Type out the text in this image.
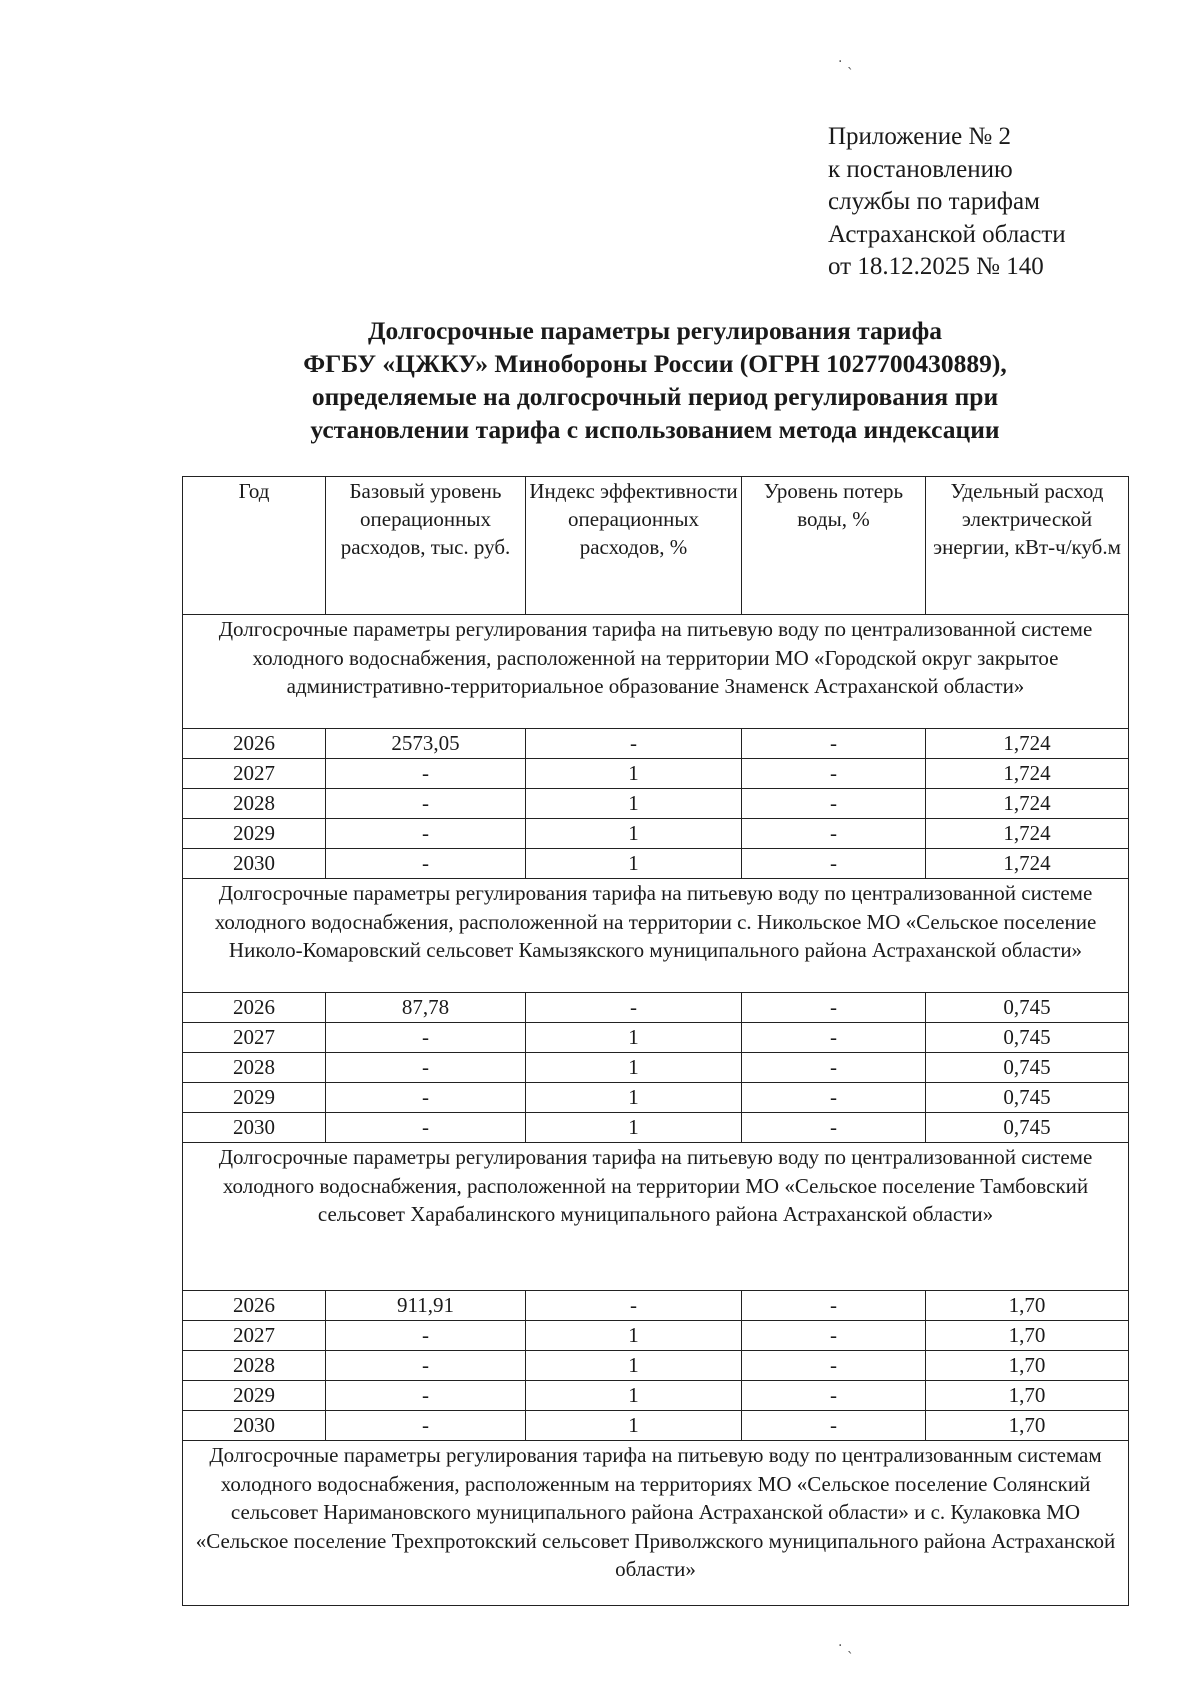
Приложение № 2
к постановлению
службы по тарифам
Астраханской области
от 18.12.2025 № 140
Долгосрочные параметры регулирования тарифа
ФГБУ «ЦЖКУ» Минобороны России (ОГРН 1027700430889),
определяемые на долгосрочный период регулирования при
установлении тарифа с использованием метода индексации
Год	Базовый уровень операционных расходов, тыс. руб.	Индекс эффективности операционных расходов, %	Уровень потерь воды, %	Удельный расход электрической энергии, кВт-ч/куб.м
Долгосрочные параметры регулирования тарифа на питьевую воду по централизованной системе холодного водоснабжения, расположенной на территории МО «Городской округ закрытое административно-территориальное образование Знаменск Астраханской области»				
2026	2573,05	-	-	1,724
2027	-	1	-	1,724
2028	-	1	-	1,724
2029	-	1	-	1,724
2030	-	1	-	1,724
Долгосрочные параметры регулирования тарифа на питьевую воду по централизованной системе холодного водоснабжения, расположенной на территории с. Никольское МО «Сельское поселение Николо-Комаровский сельсовет Камызякского муниципального района Астраханской области»				
2026	87,78	-	-	0,745
2027	-	1	-	0,745
2028	-	1	-	0,745
2029	-	1	-	0,745
2030	-	1	-	0,745
Долгосрочные параметры регулирования тарифа на питьевую воду по централизованной системе холодного водоснабжения, расположенной на территории МО «Сельское поселение Тамбовский сельсовет Харабалинского муниципального района Астраханской области»				
2026	911,91	-	-	1,70
2027	-	1	-	1,70
2028	-	1	-	1,70
2029	-	1	-	1,70
2030	-	1	-	1,70
Долгосрочные параметры регулирования тарифа на питьевую воду по централизованным системам холодного водоснабжения, расположенным на территориях МО «Сельское поселение Солянский сельсовет Наримановского муниципального района Астраханской области» и с. Кулаковка МО «Сельское поселение Трехпротокский сельсовет Приволжского муниципального района Астраханской области»				
· ˎ
· ˎ
